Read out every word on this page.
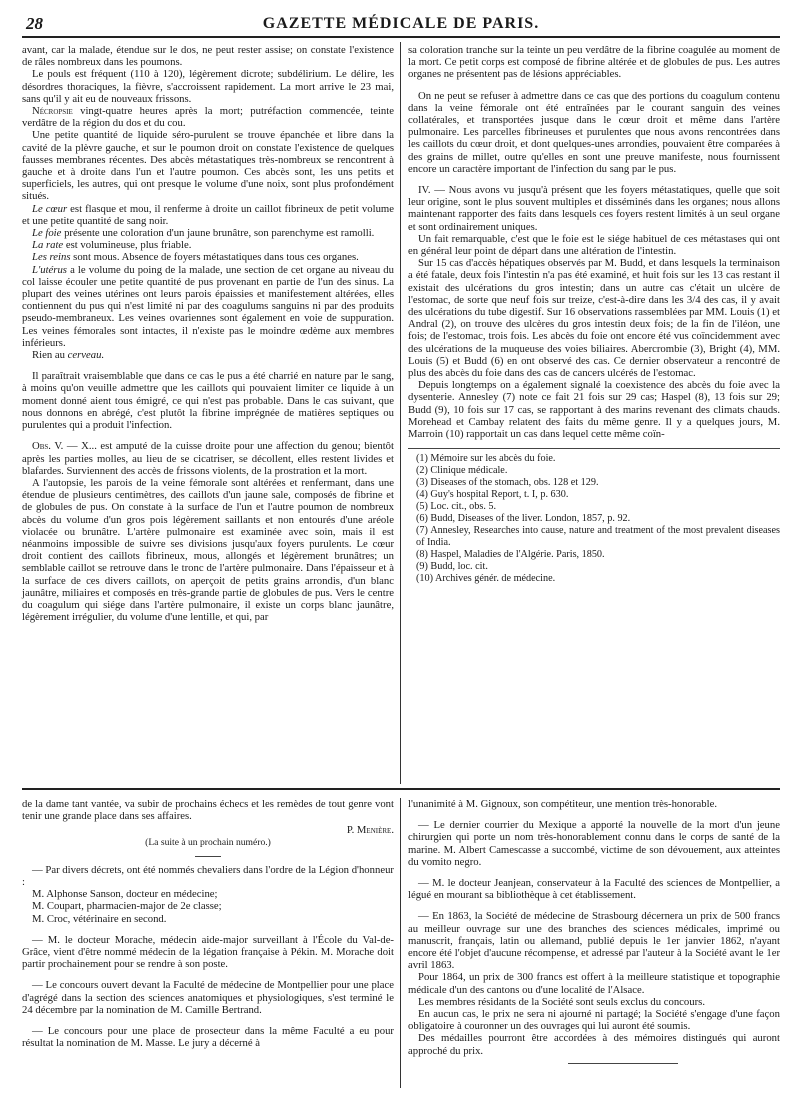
28	GAZETTE MÉDICALE DE PARIS.

avant, car la malade, étendue sur le dos, ne peut rester assise; on constate l'existence de râles nombreux dans les poumons.

Le pouls est fréquent (110 à 120), légèrement dicrote; subdélirium. Le délire, les désordres thoraciques, la fièvre, s'accroissent rapidement. La mort arrive le 23 mai, sans qu'il y ait eu de nouveaux frissons.

Nécropsie vingt-quatre heures après la mort; putréfaction commencée, teinte verdâtre de la région du dos et du cou.

Une petite quantité de liquide séro-purulent se trouve épanchée et libre dans la cavité de la plèvre gauche, et sur le poumon droit on constate l'existence de quelques fausses membranes récentes. Des abcès métastatiques très-nombreux se rencontrent à gauche et à droite dans l'un et l'autre poumon. Ces abcès sont, les uns petits et superficiels, les autres, qui ont presque le volume d'une noix, sont plus profondément situés.

Le cœur est flasque et mou, il renferme à droite un caillot fibrineux de petit volume et une petite quantité de sang noir.

Le foie présente une coloration d'un jaune brunâtre, son parenchyme est ramolli.

La rate est volumineuse, plus friable.

Les reins sont mous. Absence de foyers métastatiques dans tous ces organes.

L'utérus a le volume du poing de la malade, une section de cet organe au niveau du col laisse écouler une petite quantité de pus provenant en partie de l'un des sinus. La plupart des veines utérines ont leurs parois épaissies et manifestement altérées, elles contiennent du pus qui n'est limité ni par des coagulums sanguins ni par des produits pseudo-membraneux. Les veines ovariennes sont également en voie de suppuration. Les veines fémorales sont intactes, il n'existe pas le moindre œdème aux membres inférieurs.

Rien au cerveau.

Il paraîtrait vraisemblable que dans ce cas le pus a été charrié en nature par le sang, à moins qu'on veuille admettre que les caillots qui pouvaient limiter ce liquide à un moment donné aient tous émigré, ce qui n'est pas probable. Dans le cas suivant, que nous donnons en abrégé, c'est plutôt la fibrine imprégnée de matières septiques ou purulentes qui a produit l'infection.

Obs. V. — X... est amputé de la cuisse droite pour une affection du genou; bientôt après les parties molles, au lieu de se cicatriser, se décollent, elles restent livides et blafardes. Surviennent des accès de frissons violents, de la prostration et la mort.

A l'autopsie, les parois de la veine fémorale sont altérées et renfermant, dans une étendue de plusieurs centimètres, des caillots d'un jaune sale, composés de fibrine et de globules de pus. On constate à la surface de l'un et l'autre poumon de nombreux abcès du volume d'un gros pois légèrement saillants et non entourés d'une aréole violacée ou brunâtre. L'artère pulmonaire est examinée avec soin, mais il est néanmoins impossible de suivre ses divisions jusqu'aux foyers purulents. Le cœur droit contient des caillots fibrineux, mous, allongés et légèrement brunâtres; un semblable caillot se retrouve dans le tronc de l'artère pulmonaire. Dans l'épaisseur et à la surface de ces divers caillots, on aperçoit de petits grains arrondis, d'un blanc jaunâtre, miliaires et composés en très-grande partie de globules de pus. Vers le centre du coagulum qui siége dans l'artère pulmonaire, il existe un corps blanc jaunâtre, légèrement irrégulier, du volume d'une lentille, et qui, par

sa coloration tranche sur la teinte un peu verdâtre de la fibrine coagulée au moment de la mort. Ce petit corps est composé de fibrine altérée et de globules de pus. Les autres organes ne présentent pas de lésions appréciables.

On ne peut se refuser à admettre dans ce cas que des portions du coagulum contenu dans la veine fémorale ont été entraînées par le courant sanguin des veines collatérales, et transportées jusque dans le cœur droit et même dans l'artère pulmonaire. Les parcelles fibrineuses et purulentes que nous avons rencontrées dans les caillots du cœur droit, et dont quelques-unes arrondies, pouvaient être comparées à des grains de millet, outre qu'elles en sont une preuve manifeste, nous fournissent encore un caractère important de l'infection du sang par le pus.

IV. — Nous avons vu jusqu'à présent que les foyers métastatiques, quelle que soit leur origine, sont le plus souvent multiples et disséminés dans les organes; nous allons maintenant rapporter des faits dans lesquels ces foyers restent limités à un seul organe et sont ordinairement uniques.

Un fait remarquable, c'est que le foie est le siége habituel de ces métastases qui ont en général leur point de départ dans une altération de l'intestin.

Sur 15 cas d'accès hépatiques observés par M. Budd, et dans lesquels la terminaison a été fatale, deux fois l'intestin n'a pas été examiné, et huit fois sur les 13 cas restant il existait des ulcérations du gros intestin; dans un autre cas c'était un ulcère de l'estomac, de sorte que neuf fois sur treize, c'est-à-dire dans les 3/4 des cas, il y avait des ulcérations du tube digestif. Sur 16 observations rassemblées par MM. Louis (1) et Andral (2), on trouve des ulcères du gros intestin deux fois; de la fin de l'iléon, une fois; de l'estomac, trois fois. Les abcès du foie ont encore été vus coïncidemment avec des ulcérations de la muqueuse des voies biliaires. Abercrombie (3), Bright (4), MM. Louis (5) et Budd (6) en ont observé des cas. Ce dernier observateur a rencontré de plus des abcès du foie dans des cas de cancers ulcérés de l'estomac.

Depuis longtemps on a également signalé la coexistence des abcès du foie avec la dysenterie. Annesley (7) note ce fait 21 fois sur 29 cas; Haspel (8), 13 fois sur 29; Budd (9), 10 fois sur 17 cas, se rapportant à des marins revenant des climats chauds. Morehead et Cambay relatent des faits du même genre. Il y a quelques jours, M. Marroin (10) rapportait un cas dans lequel cette même coïn-

(1) Mémoire sur les abcès du foie.
(2) Clinique médicale.
(3) Diseases of the stomach, obs. 128 et 129.
(4) Guy's hospital Report, t. I, p. 630.
(5) Loc. cit., obs. 5.
(6) Budd, Diseases of the liver. London, 1857, p. 92.
(7) Annesley, Researches into cause, nature and treatment of the most prevalent diseases of India.
(8) Haspel, Maladies de l'Algérie. Paris, 1850.
(9) Budd, loc. cit.
(10) Archives génér. de médecine.

de la dame tant vantée, va subir de prochains échecs et les remèdes de tout genre vont tenir une grande place dans ses affaires.

P. Menière.
(La suite à un prochain numéro.)

— Par divers décrets, ont été nommés chevaliers dans l'ordre de la Légion d'honneur :

M. Alphonse Sanson, docteur en médecine;

M. Coupart, pharmacien-major de 2e classe;

M. Croc, vétérinaire en second.

— M. le docteur Morache, médecin aide-major surveillant à l'École du Val-de-Grâce, vient d'être nommé médecin de la légation française à Pékin. M. Morache doit partir prochainement pour se rendre à son poste.

— Le concours ouvert devant la Faculté de médecine de Montpellier pour une place d'agrégé dans la section des sciences anatomiques et physiologiques, s'est terminé le 24 décembre par la nomination de M. Camille Bertrand.

— Le concours pour une place de prosecteur dans la même Faculté a eu pour résultat la nomination de M. Masse. Le jury a décerné à

l'unanimité à M. Gignoux, son compétiteur, une mention très-honorable.

— Le dernier courrier du Mexique a apporté la nouvelle de la mort d'un jeune chirurgien qui porte un nom très-honorablement connu dans le corps de santé de la marine. M. Albert Camescasse a succombé, victime de son dévouement, aux atteintes du vomito negro.

— M. le docteur Jeanjean, conservateur à la Faculté des sciences de Montpellier, a légué en mourant sa bibliothèque à cet établissement.

— En 1863, la Société de médecine de Strasbourg décernera un prix de 500 francs au meilleur ouvrage sur une des branches des sciences médicales, imprimé ou manuscrit, français, latin ou allemand, publié depuis le 1er janvier 1862, n'ayant encore été l'objet d'aucune récompense, et adressé par l'auteur à la Société avant le 1er avril 1863.

Pour 1864, un prix de 300 francs est offert à la meilleure statistique et topographie médicale d'un des cantons ou d'une localité de l'Alsace.

Les membres résidants de la Société sont seuls exclus du concours.

En aucun cas, le prix ne sera ni ajourné ni partagé; la Société s'engage d'une façon obligatoire à couronner un des ouvrages qui lui auront été soumis.

Des médailles pourront être accordées à des mémoires distingués qui auront approché du prix.
